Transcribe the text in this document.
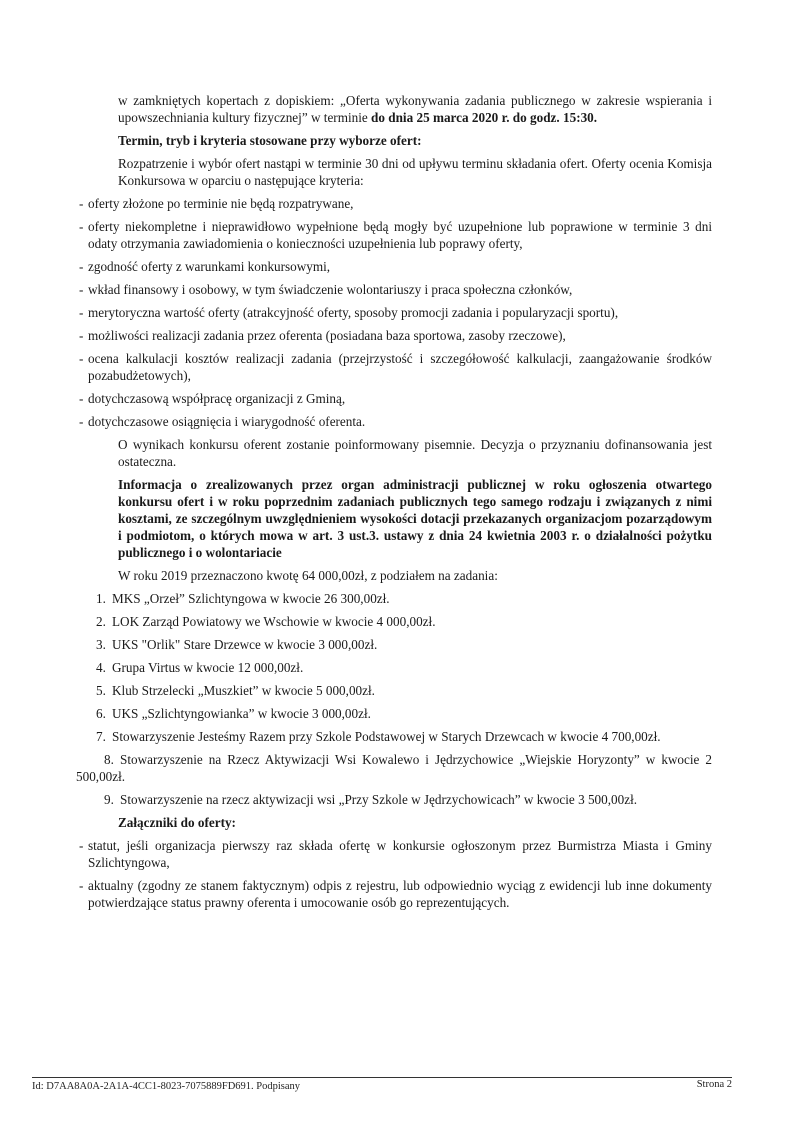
w zamkniętych kopertach z dopiskiem: „Oferta wykonywania zadania publicznego w zakresie wspierania i upowszechniania kultury fizycznej” w terminie do dnia 25 marca 2020 r. do godz. 15:30.

Termin, tryb i kryteria stosowane przy wyborze ofert:

Rozpatrzenie i wybór ofert nastąpi w terminie 30 dni od upływu terminu składania ofert. Oferty ocenia Komisja Konkursowa w oparciu o następujące kryteria:

- oferty złożone po terminie nie będą rozpatrywane,
- oferty niekompletne i nieprawidłowo wypełnione będą mogły być uzupełnione lub poprawione w terminie 3 dni odaty otrzymania zawiadomienia o konieczności uzupełnienia lub poprawy oferty,
- zgodność oferty z warunkami konkursowymi,
- wkład finansowy i osobowy, w tym świadczenie wolontariuszy i praca społeczna członków,
- merytoryczna wartość oferty (atrakcyjność oferty, sposoby promocji zadania i popularyzacji sportu),
- możliwości realizacji zadania przez oferenta (posiadana baza sportowa, zasoby rzeczowe),
- ocena kalkulacji kosztów realizacji zadania (przejrzystość i szczegółowość kalkulacji, zaangażowanie środków pozabudżetowych),
- dotychczasową współpracę organizacji z Gminą,
- dotychczasowe osiągnięcia i wiarygodność oferenta.

O wynikach konkursu oferent zostanie poinformowany pisemnie. Decyzja o przyznaniu dofinansowania jest ostateczna.

Informacja o zrealizowanych przez organ administracji publicznej w roku ogłoszenia otwartego konkursu ofert i w roku poprzednim zadaniach publicznych tego samego rodzaju i związanych z nimi kosztami, ze szczególnym uwzględnieniem wysokości dotacji przekazanych organizacjom pozarządowym i podmiotom, o których mowa w art. 3 ust.3. ustawy z dnia 24 kwietnia 2003 r. o działalności pożytku publicznego i o wolontariacie

W roku 2019 przeznaczono kwotę 64 000,00zł, z podziałem na zadania:

1. MKS „Orzeł” Szlichtyngowa w kwocie 26 300,00zł.
2. LOK Zarząd Powiatowy we Wschowie w kwocie 4 000,00zł.
3. UKS "Orlik" Stare Drzewce w kwocie 3 000,00zł.
4. Grupa Virtus w kwocie 12 000,00zł.
5. Klub Strzelecki „Muszkiet” w kwocie 5 000,00zł.
6. UKS „Szlichtyngowianka” w kwocie 3 000,00zł.
7. Stowarzyszenie Jesteśmy Razem przy Szkole Podstawowej w Starych Drzewcach w kwocie 4 700,00zł.
8. Stowarzyszenie na Rzecz Aktywizacji Wsi Kowalewo i Jędrzychowice „Wiejskie Horyzonty” w kwocie 2 500,00zł.
9. Stowarzyszenie na rzecz aktywizacji wsi „Przy Szkole w Jędrzychowicach” w kwocie 3 500,00zł.

Załączniki do oferty:

- statut, jeśli organizacja pierwszy raz składa ofertę w konkursie ogłoszonym przez Burmistrza Miasta i Gminy Szlichtyngowa,
- aktualny (zgodny ze stanem faktycznym) odpis z rejestru, lub odpowiednio wyciąg z ewidencji lub inne dokumenty potwierdzające status prawny oferenta i umocowanie osób go reprezentujących.
Id: D7AA8A0A-2A1A-4CC1-8023-7075889FD691. Podpisany	Strona 2
